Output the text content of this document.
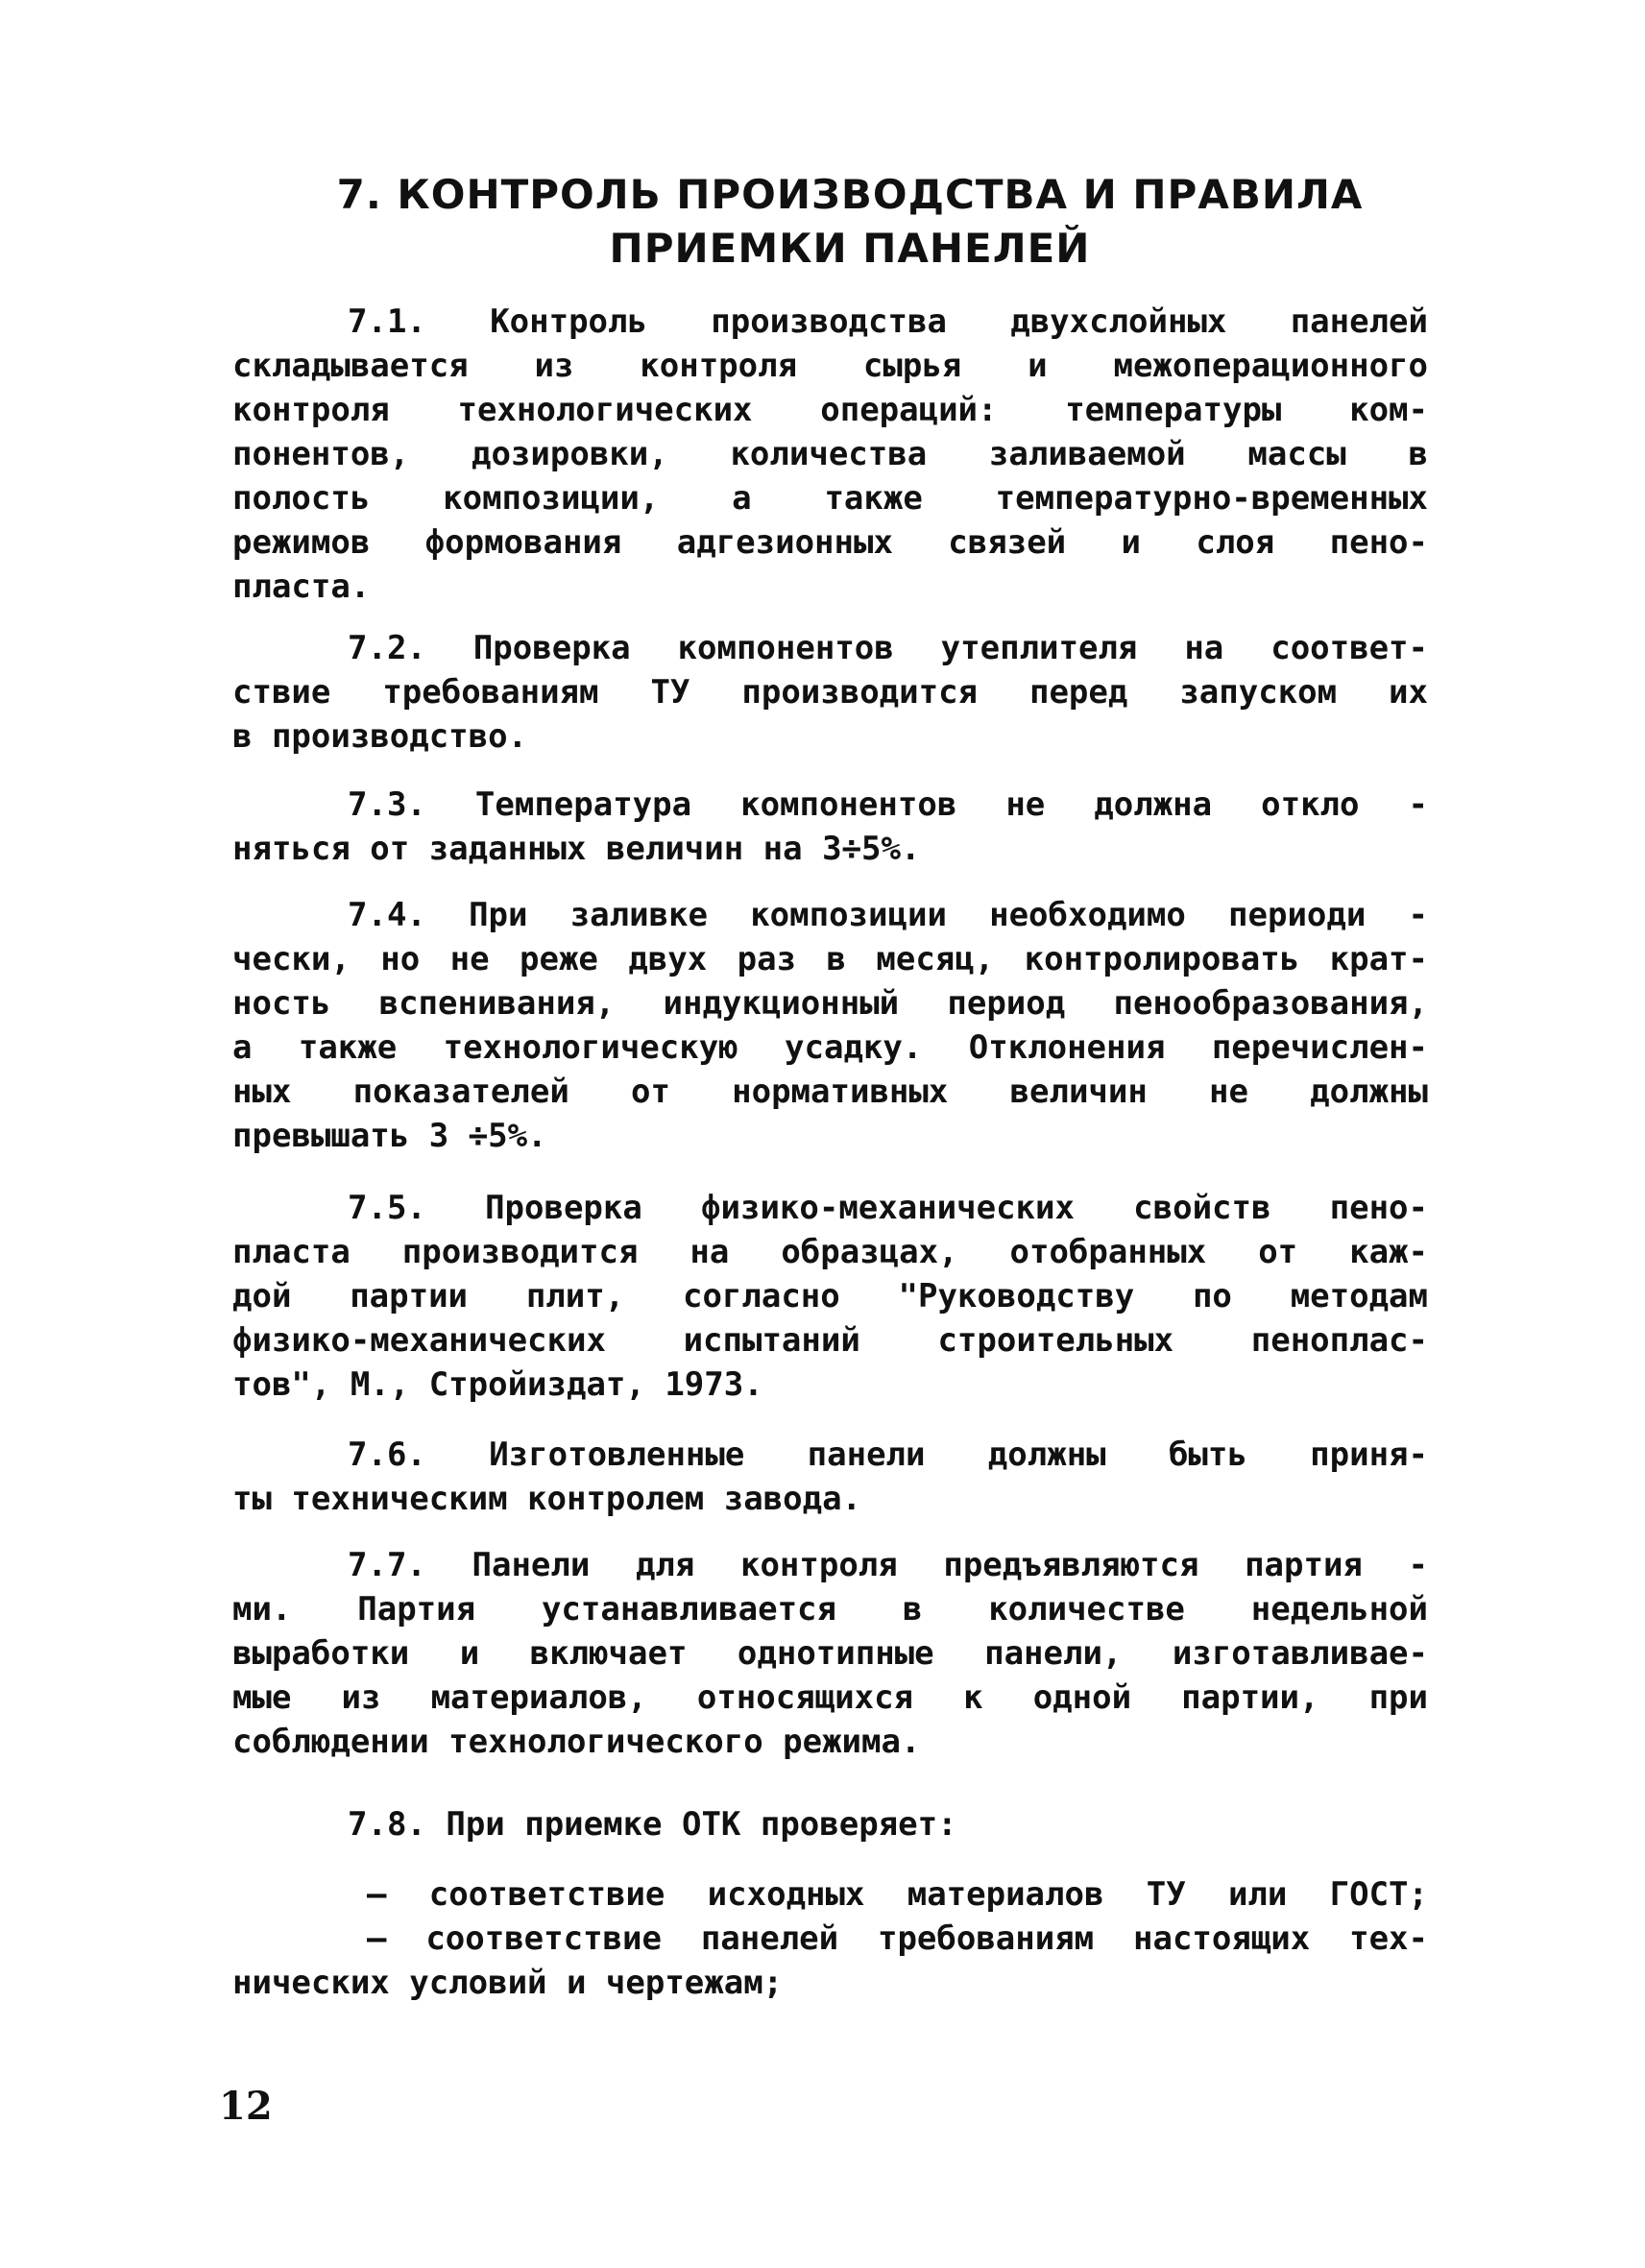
7. КОНТРОЛЬ ПРОИЗВОДСТВА И ПРАВИЛА
ПРИЕМКИ ПАНЕЛЕЙ
7.1. Контроль производства двухслойных панелей
складывается из контроля сырья и межоперационного
контроля технологических операций: температуры ком-
понентов, дозировки, количества заливаемой массы в
полость композиции, а также температурно-временных
режимов формования адгезионных связей и слоя пено-
пласта.
7.2. Проверка компонентов утеплителя на соответ-
ствие требованиям ТУ производится перед запуском их
в производство.
7.3. Температура компонентов не должна откло -
няться от заданных величин на 3÷5%.
7.4. При заливке композиции необходимо периоди -
чески, но не реже двух раз в месяц, контролировать крат-
ность вспенивания, индукционный период пенообразования,
а также технологическую усадку. Отклонения перечислен-
ных показателей от нормативных величин не должны
превышать 3 ÷5%.
7.5. Проверка физико-механических свойств пено-
пласта производится на образцах, отобранных от каж-
дой партии плит, согласно "Руководству по методам
физико-механических испытаний строительных пеноплас-
тов", М., Стройиздат, 1973.
7.6. Изготовленные панели должны быть приня-
ты техническим контролем завода.
7.7. Панели для контроля предъявляются партия -
ми. Партия устанавливается в количестве недельной
выработки и включает однотипные панели, изготавливае-
мые из материалов, относящихся к одной партии, при
соблюдении технологического режима.
7.8. При приемке ОТК проверяет:
– соответствие исходных материалов ТУ или ГОСТ;
– соответствие панелей требованиям настоящих тех-
нических условий и чертежам;
12
